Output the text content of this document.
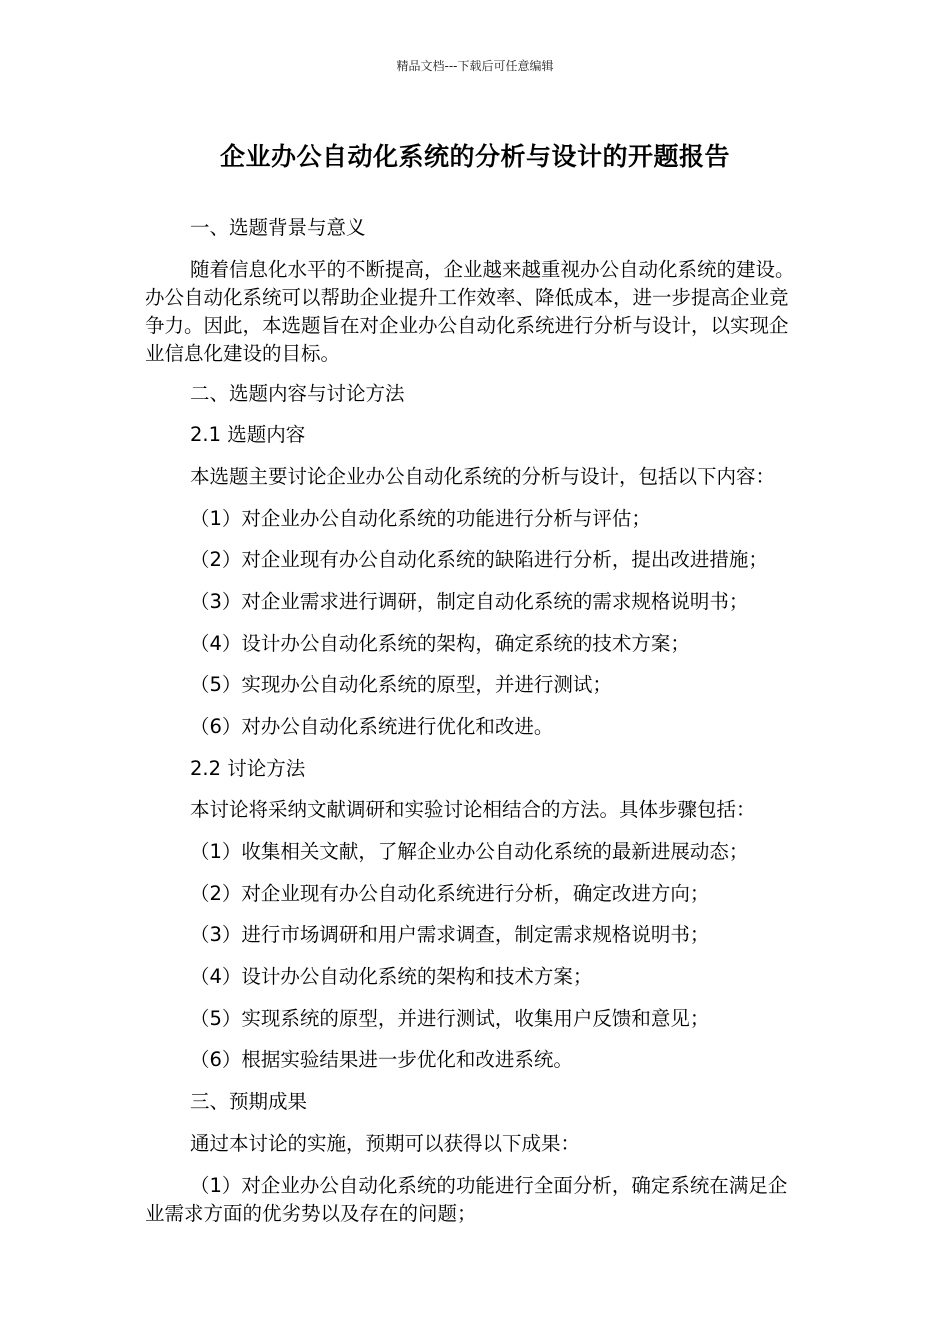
精品文档---下载后可任意编辑
企业办公自动化系统的分析与设计的开题报告
一、选题背景与意义
随着信息化水平的不断提高，企业越来越重视办公自动化系统的建设。办公自动化系统可以帮助企业提升工作效率、降低成本，进一步提高企业竞争力。因此，本选题旨在对企业办公自动化系统进行分析与设计，以实现企业信息化建设的目标。
二、选题内容与讨论方法
2.1 选题内容
本选题主要讨论企业办公自动化系统的分析与设计，包括以下内容：
（1）对企业办公自动化系统的功能进行分析与评估；
（2）对企业现有办公自动化系统的缺陷进行分析，提出改进措施；
（3）对企业需求进行调研，制定自动化系统的需求规格说明书；
（4）设计办公自动化系统的架构，确定系统的技术方案；
（5）实现办公自动化系统的原型，并进行测试；
（6）对办公自动化系统进行优化和改进。
2.2 讨论方法
本讨论将采纳文献调研和实验讨论相结合的方法。具体步骤包括：
（1）收集相关文献，了解企业办公自动化系统的最新进展动态；
（2）对企业现有办公自动化系统进行分析，确定改进方向；
（3）进行市场调研和用户需求调查，制定需求规格说明书；
（4）设计办公自动化系统的架构和技术方案；
（5）实现系统的原型，并进行测试，收集用户反馈和意见；
（6）根据实验结果进一步优化和改进系统。
三、预期成果
通过本讨论的实施，预期可以获得以下成果：
（1）对企业办公自动化系统的功能进行全面分析，确定系统在满足企业需求方面的优劣势以及存在的问题；
